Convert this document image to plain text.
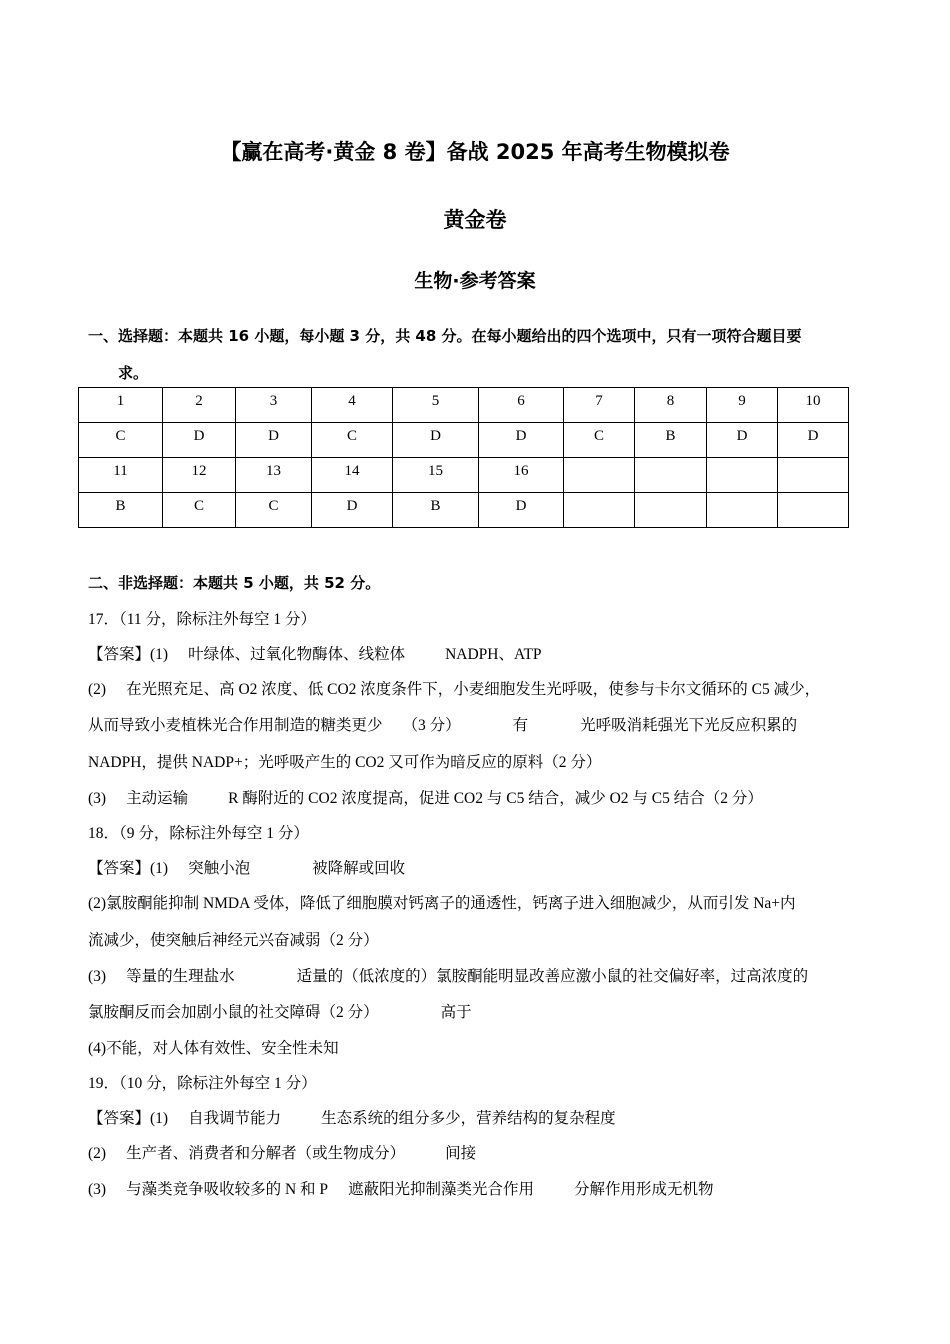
【赢在高考·黄金 8 卷】备战 2025 年高考生物模拟卷
黄金卷
生物·参考答案
一、选择题：本题共 16 小题，每小题 3 分，共 48 分。在每小题给出的四个选项中，只有一项符合题目要
求。
1	2	3	4	5	6	7	8	9	10
C	D	D	C	D	D	C	B	D	D
11	12	13	14	15	16				
B	C	C	D	B	D				
二、非选择题：本题共 5 小题，共 52 分。
17．（11 分，除标注外每空 1 分）
【答案】(1) 叶绿体、过氧化物酶体、线粒体	NADPH、ATP
(2) 在光照充足、高 O2 浓度、低 CO2 浓度条件下，小麦细胞发生光呼吸，使参与卡尔文循环的 C5 减少，
从而导致小麦植株光合作用制造的糖类更少 （3 分）	有	光呼吸消耗强光下光反应积累的
NADPH，提供 NADP+；光呼吸产生的 CO2 又可作为暗反应的原料（2 分）
(3) 主动运输	R 酶附近的 CO2 浓度提高，促进 CO2 与 C5 结合，减少 O2 与 C5 结合（2 分）
18．（9 分，除标注外每空 1 分）
【答案】(1) 突触小泡	被降解或回收
(2)氯胺酮能抑制 NMDA 受体，降低了细胞膜对钙离子的通透性，钙离子进入细胞减少，从而引发 Na+内
流减少，使突触后神经元兴奋减弱（2 分）
(3) 等量的生理盐水	适量的（低浓度的）氯胺酮能明显改善应激小鼠的社交偏好率，过高浓度的
氯胺酮反而会加剧小鼠的社交障碍（2 分）	高于
(4)不能，对人体有效性、安全性未知
19．（10 分，除标注外每空 1 分）
【答案】(1) 自我调节能力	生态系统的组分多少，营养结构的复杂程度
(2) 生产者、消费者和分解者（或生物成分）	间接
(3) 与藻类竞争吸收较多的 N 和 P 遮蔽阳光抑制藻类光合作用	分解作用形成无机物
